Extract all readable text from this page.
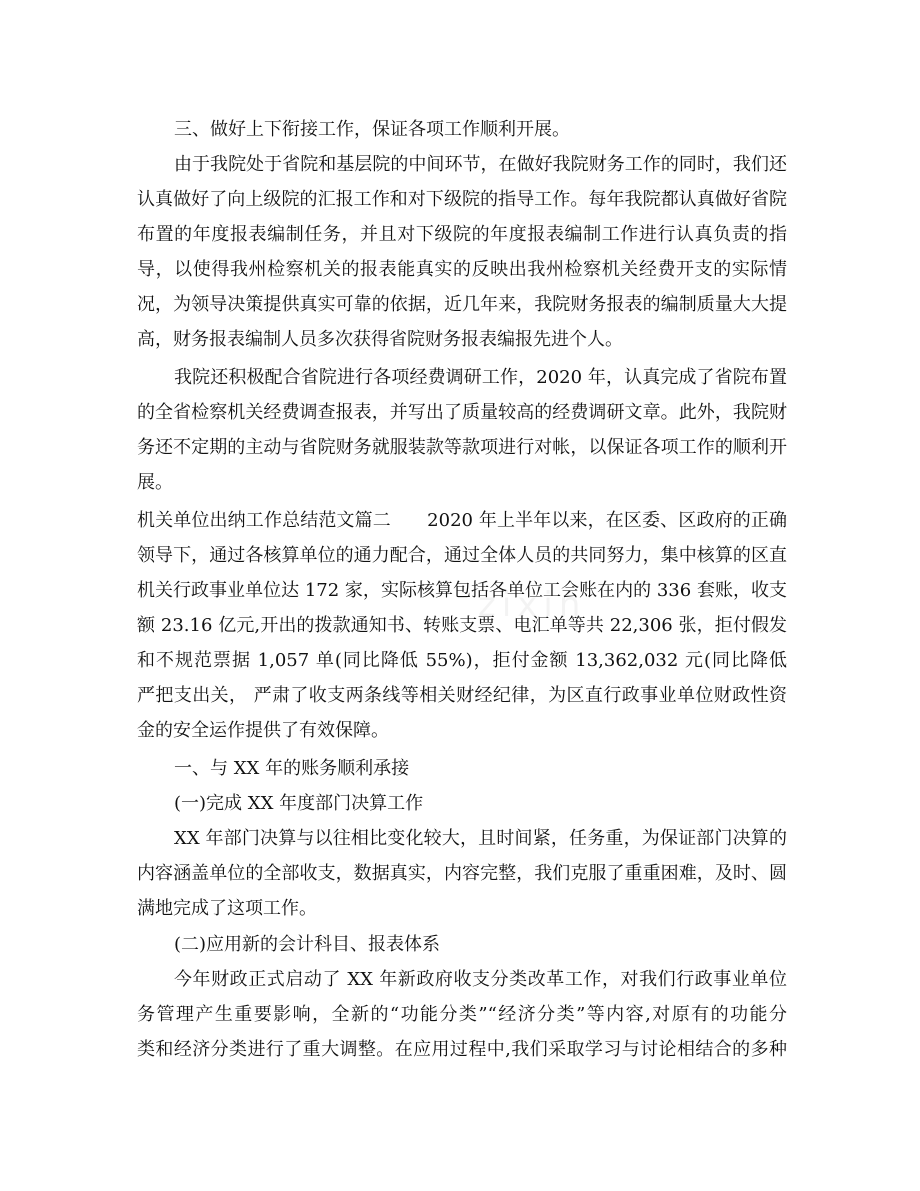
三、做好上下衔接工作，保证各项工作顺利开展。

由于我院处于省院和基层院的中间环节，在做好我院财务工作的同时，我们还

认真做好了向上级院的汇报工作和对下级院的指导工作。每年我院都认真做好省院

布置的年度报表编制任务，并且对下级院的年度报表编制工作进行认真负责的指

导，以使得我州检察机关的报表能真实的反映出我州检察机关经费开支的实际情

况，为领导决策提供真实可靠的依据，近几年来，我院财务报表的编制质量大大提

高，财务报表编制人员多次获得省院财务报表编报先进个人。

我院还积极配合省院进行各项经费调研工作，2020 年，认真完成了省院布置

的全省检察机关经费调查报表，并写出了质量较高的经费调研文章。此外，我院财

务还不定期的主动与省院财务就服装款等款项进行对帐，以保证各项工作的顺利开

展。

机关单位出纳工作总结范文篇二　　2020 年上半年以来，在区委、区政府的正确

领导下，通过各核算单位的通力配合，通过全体人员的共同努力，集中核算的区直

机关行政事业单位达 172 家，实际核算包括各单位工会账在内的 336 套账，收支

额 23.16 亿元,开出的拨款通知书、转账支票、电汇单等共 22,306 张，拒付假发

和不规范票据 1,057 单(同比降低 55%)，拒付金额 13,362,032 元(同比降低

严把支出关， 严肃了收支两条线等相关财经纪律，为区直行政事业单位财政性资

金的安全运作提供了有效保障。

一、与 XX 年的账务顺利承接

(一)完成 XX 年度部门决算工作

XX 年部门决算与以往相比变化较大，且时间紧，任务重，为保证部门决算的

内容涵盖单位的全部收支，数据真实，内容完整，我们克服了重重困难，及时、圆

满地完成了这项工作。

(二)应用新的会计科目、报表体系

今年财政正式启动了 XX 年新政府收支分类改革工作，对我们行政事业单位

务管理产生重要影响，全新的“功能分类”“经济分类”等内容,对原有的功能分

类和经济分类进行了重大调整。在应用过程中,我们采取学习与讨论相结合的多种
